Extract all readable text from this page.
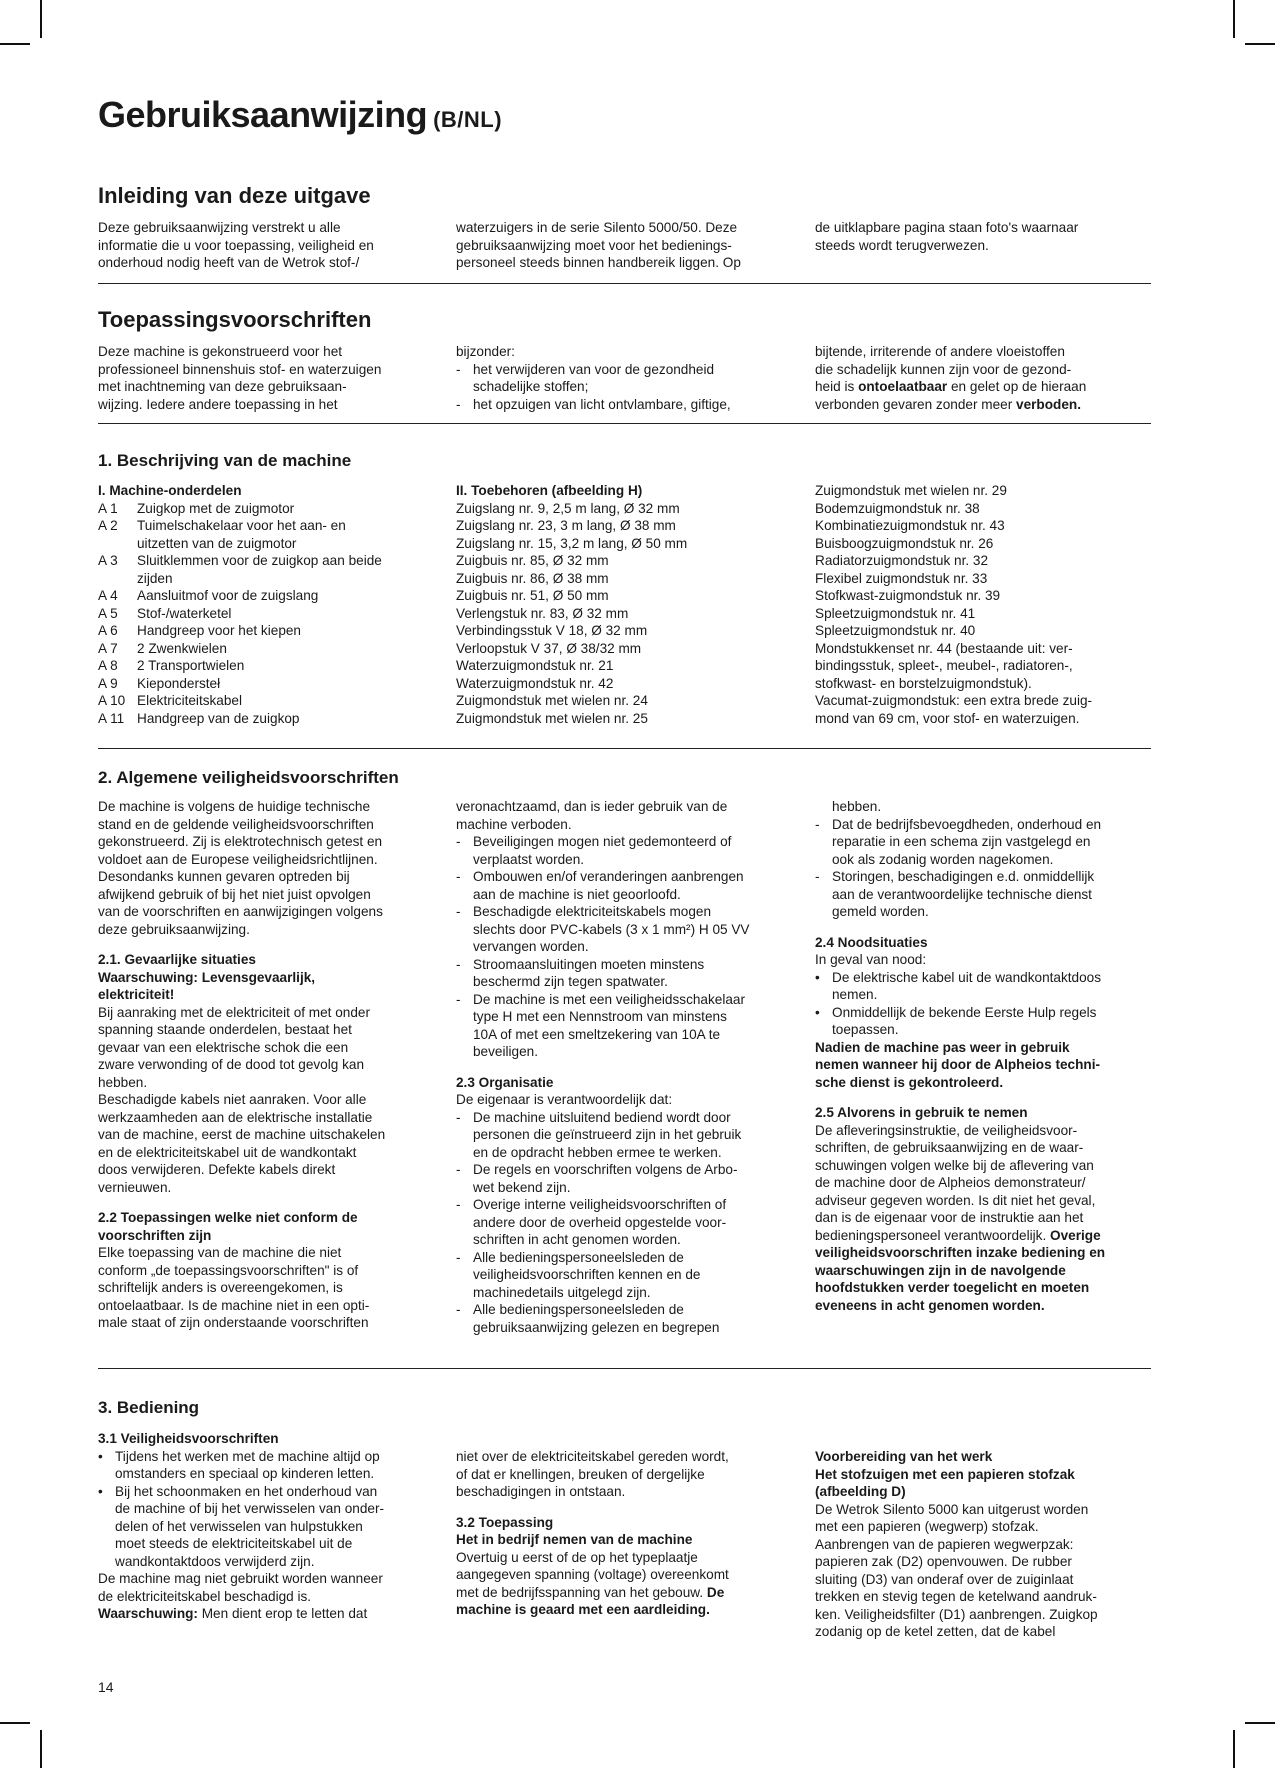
Gebruiksaanwijzing (B/NL)
Inleiding van deze uitgave

Deze gebruiksaanwijzing verstrekt u alle
informatie die u voor toepassing, veiligheid en
onderhoud nodig heeft van de Wetrok stof-/

waterzuigers in de serie Silento 5000/50. Deze
gebruiksaanwijzing moet voor het bedienings-
personeel steeds binnen handbereik liggen. Op

de uitklapbare pagina staan foto's waarnaar
steeds wordt terugverwezen.

Toepassingsvoorschriften

Deze machine is gekonstrueerd voor het
professioneel binnenshuis stof- en waterzuigen
met inachtneming van deze gebruiksaan-
wijzing. Iedere andere toepassing in het

bijzonder:

- het verwijderen van voor de gezondheid
schadelijke stoffen;

- het opzuigen van licht ontvlambare, giftige,

bijtende, irriterende of andere vloeistoffen
die schadelijk kunnen zijn voor de gezond-
heid is ontoelaatbaar en gelet op de hieraan
verbonden gevaren zonder meer verboden.

1. Beschrijving van de machine

I. Machine-onderdelen

A 1 Zuigkop met de zuigmotor

A 2 Tuimelschakelaar voor het aan- en
uitzetten van de zuigmotor

A 3 Sluitklemmen voor de zuigkop aan beide
zijden

A 4 Aansluitmof voor de zuigslang

A 5 Stof-/waterketel

A 6 Handgreep voor het kiepen

A 7 2 Zwenkwielen

A 8 2 Transportwielen

A 9 Kiepondersteł

A 10 Elektriciteitskabel

A 11 Handgreep van de zuigkop

II. Toebehoren (afbeelding H)

Zuigslang nr. 9, 2,5 m lang, Ø 32 mm

Zuigslang nr. 23, 3 m lang, Ø 38 mm

Zuigslang nr. 15, 3,2 m lang, Ø 50 mm

Zuigbuis nr. 85, Ø 32 mm

Zuigbuis nr. 86, Ø 38 mm

Zuigbuis nr. 51, Ø 50 mm

Verlengstuk nr. 83, Ø 32 mm

Verbindingsstuk V 18, Ø 32 mm

Verloopstuk V 37, Ø 38/32 mm

Waterzuigmondstuk nr. 21

Waterzuigmondstuk nr. 42

Zuigmondstuk met wielen nr. 24

Zuigmondstuk met wielen nr. 25

Zuigmondstuk met wielen nr. 29

Bodemzuigmondstuk nr. 38

Kombinatiezuigmondstuk nr. 43

Buisboogzuigmondstuk nr. 26

Radiatorzuigmondstuk nr. 32

Flexibel zuigmondstuk nr. 33

Stofkwast-zuigmondstuk nr. 39

Spleetzuigmondstuk nr. 41

Spleetzuigmondstuk nr. 40

Mondstukkenset nr. 44 (bestaande uit: ver-
bindingsstuk, spleet-, meubel-, radiatoren-,
stofkwast- en borstelzuigmondstuk).

Vacumat-zuigmondstuk: een extra brede zuig-
mond van 69 cm, voor stof- en waterzuigen.

2. Algemene veiligheidsvoorschriften

De machine is volgens de huidige technische
stand en de geldende veiligheidsvoorschriften
gekonstrueerd. Zij is elektrotechnisch getest en
voldoet aan de Europese veiligheidsrichtlijnen.
Desondanks kunnen gevaren optreden bij
afwijkend gebruik of bij het niet juist opvolgen
van de voorschriften en aanwijzigingen volgens
deze gebruiksaanwijzing.

2.1. Gevaarlijke situaties

Waarschuwing: Levensgevaarlijk,
elektriciteit!

Bij aanraking met de elektriciteit of met onder
spanning staande onderdelen, bestaat het
gevaar van een elektrische schok die een
zware verwonding of de dood tot gevolg kan
hebben.
Beschadigde kabels niet aanraken. Voor alle
werkzaamheden aan de elektrische installatie
van de machine, eerst de machine uitschakelen
en de elektriciteitskabel uit de wandkontakt
doos verwijderen. Defekte kabels direkt
vernieuwen.

2.2 Toepassingen welke niet conform de
voorschriften zijn

Elke toepassing van de machine die niet
conform „de toepassingsvoorschriften" is of
schriftelijk anders is overeengekomen, is
ontoelaatbaar. Is de machine niet in een opti-
male staat of zijn onderstaande voorschriften

veronachtzaamd, dan is ieder gebruik van de
machine verboden.

- Beveiligingen mogen niet gedemonteerd of
verplaatst worden.

- Ombouwen en/of veranderingen aanbrengen
aan de machine is niet geoorloofd.

- Beschadigde elektriciteitskabels mogen
slechts door PVC-kabels (3 x 1 mm²) H 05 VV
vervangen worden.

- Stroomaansluitingen moeten minstens
beschermd zijn tegen spatwater.

- De machine is met een veiligheidsschakelaar
type H met een Nennstroom van minstens
10A of met een smeltzekering van 10A te
beveiligen.

2.3 Organisatie

De eigenaar is verantwoordelijk dat:

- De machine uitsluitend bediend wordt door
personen die geïnstrueerd zijn in het gebruik
en de opdracht hebben ermee te werken.

- De regels en voorschriften volgens de Arbo-
wet bekend zijn.

- Overige interne veiligheidsvoorschriften of
andere door de overheid opgestelde voor-
schriften in acht genomen worden.

- Alle bedieningspersoneelsleden de
veiligheidsvoorschriften kennen en de
machinedetails uitgelegd zijn.

- Alle bedieningspersoneelsleden de
gebruiksaanwijzing gelezen en begrepen

hebben.

- Dat de bedrijfsbevoegdheden, onderhoud en
reparatie in een schema zijn vastgelegd en
ook als zodanig worden nagekomen.

- Storingen, beschadigingen e.d. onmiddellijk
aan de verantwoordelijke technische dienst
gemeld worden.

2.4 Noodsituaties

In geval van nood:

• De elektrische kabel uit de wandkontaktdoos
nemen.

• Onmiddellijk de bekende Eerste Hulp regels
toepassen.

Nadien de machine pas weer in gebruik
nemen wanneer hij door de Alpheios techni-
sche dienst is gekontroleerd.

2.5 Alvorens in gebruik te nemen

De afleveringsinstruktie, de veiligheidsvoor-
schriften, de gebruiksaanwijzing en de waar-
schuwingen volgen welke bij de aflevering van
de machine door de Alpheios demonstrateur/
adviseur gegeven worden. Is dit niet het geval,
dan is de eigenaar voor de instruktie aan het
bedieningspersoneel verantwoordelijk. Overige
veiligheidsvoorschriften inzake bediening en
waarschuwingen zijn in de navolgende
hoofdstukken verder toegelicht en moeten
eveneens in acht genomen worden.

3. Bediening

3.1 Veiligheidsvoorschriften

• Tijdens het werken met de machine altijd op
omstanders en speciaal op kinderen letten.

• Bij het schoonmaken en het onderhoud van
de machine of bij het verwisselen van onder-
delen of het verwisselen van hulpstukken
moet steeds de elektriciteitskabel uit de
wandkontaktdoos verwijderd zijn.

De machine mag niet gebruikt worden wanneer
de elektriciteitskabel beschadigd is.

Waarschuwing: Men dient erop te letten dat

niet over de elektriciteitskabel gereden wordt,
of dat er knellingen, breuken of dergelijke
beschadigingen in ontstaan.

3.2 Toepassing

Het in bedrijf nemen van de machine

Overtuig u eerst of de op het typeplaatje
aangegeven spanning (voltage) overeenkomt
met de bedrijfsspanning van het gebouw. De
machine is geaard met een aardleiding.

Voorbereiding van het werk

Het stofzuigen met een papieren stofzak
(afbeelding D)

De Wetrok Silento 5000 kan uitgerust worden
met een papieren (wegwerp) stofzak.
Aanbrengen van de papieren wegwerpzak:
papieren zak (D2) openvouwen. De rubber
sluiting (D3) van onderaf over de zuiginlaat
trekken en stevig tegen de ketelwand aandruk-
ken. Veiligheidsfilter (D1) aanbrengen. Zuigkop
zodanig op de ketel zetten, dat de kabel

14
